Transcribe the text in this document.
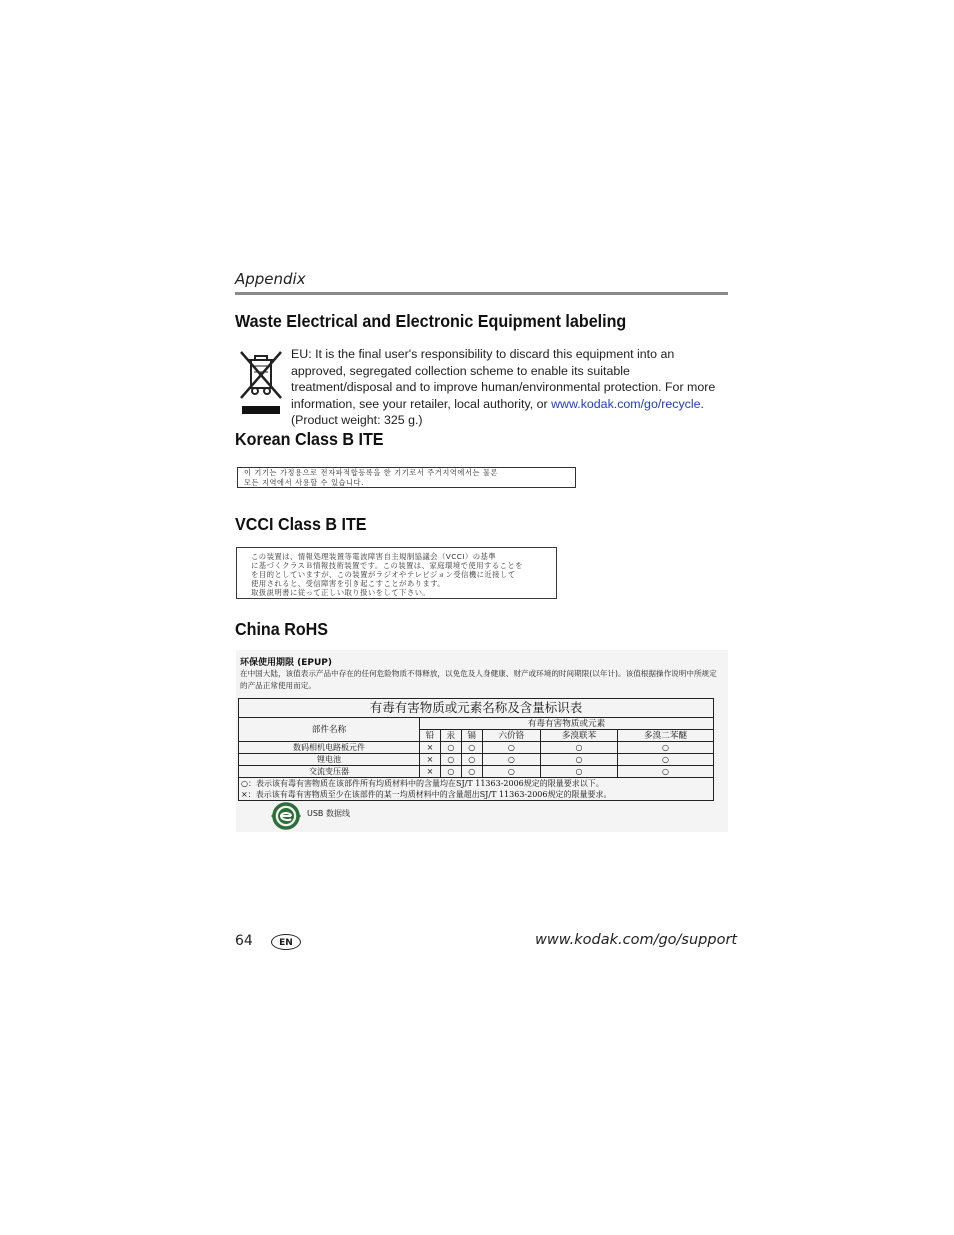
Appendix
Waste Electrical and Electronic Equipment labeling
EU: It is the final user's responsibility to discard this equipment into an approved, segregated collection scheme to enable its suitable treatment/disposal and to improve human/environmental protection. For more information, see your retailer, local authority, or www.kodak.com/go/recycle. (Product weight: 325 g.)
Korean Class B ITE
이 기기는 가정용으로 전자파적합등록을 한 기기로서 주거지역에서는 물론
모든 지역에서 사용할 수 있습니다.
VCCI Class B ITE
この装置は、情報処理装置等電波障害自主規制協議会（VCCI）の基準
に基づくクラスＢ情報技術装置です。この装置は、家庭環境で使用することを
を目的としていますが、この装置がラジオやテレビジョン受信機に近接して
使用されると、受信障害を引き起こすことがあります。
取扱説明書に従って正しい取り扱いをして下さい。
China RoHS
环保使用期限 (EPUP)
在中国大陆，该值表示产品中存在的任何危险物质不得释放，以免危及人身健康、财产或环境的时间期限(以年计)。该值根据操作说明中所规定的产品正常使用而定。
有毒有害物质或元素名称及含量标识表						
部件名称	有毒有害物质或元素					
	铅	汞	镉	六价铬	多溴联苯	多溴二苯醚
数码相机电路板元件	×	○	○	○	○	○
锂电池	×	○	○	○	○	○
交流变压器	×	○	○	○	○	○
○：表示该有毒有害物质在该部件所有均质材料中的含量均在SJ/T 11363-2006规定的限量要求以下。						
×：表示该有毒有害物质至少在该部件的某一均质材料中的含量超出SJ/T 11363-2006规定的限量要求。						
USB 数据线
64	EN	www.kodak.com/go/support
